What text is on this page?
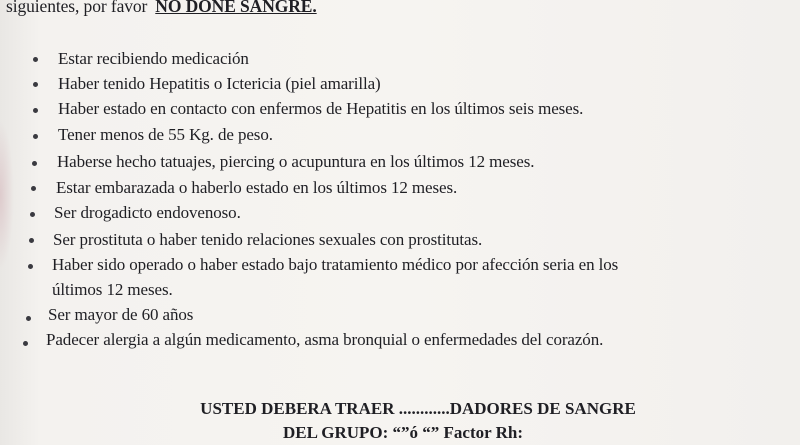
siguientes, por favor NO DONE SANGRE.
Estar recibiendo medicación
Haber tenido Hepatitis o Ictericia (piel amarilla)
Haber estado en contacto con enfermos de Hepatitis en los últimos seis meses.
Tener menos de 55 Kg. de peso.
Haberse hecho tatuajes, piercing o acupuntura en los últimos 12 meses.
Estar embarazada o haberlo estado en los últimos 12 meses.
Ser drogadicto endovenoso.
Ser prostituta o haber tenido relaciones sexuales con prostitutas.
Haber sido operado o haber estado bajo tratamiento médico por afección seria en los
últimos 12 meses.
Ser mayor de 60 años
Padecer alergia a algún medicamento, asma bronquial o enfermedades del corazón.
USTED DEBERA TRAER ............DADORES DE SANGRE
DEL GRUPO: “”ó “” Factor Rh:
